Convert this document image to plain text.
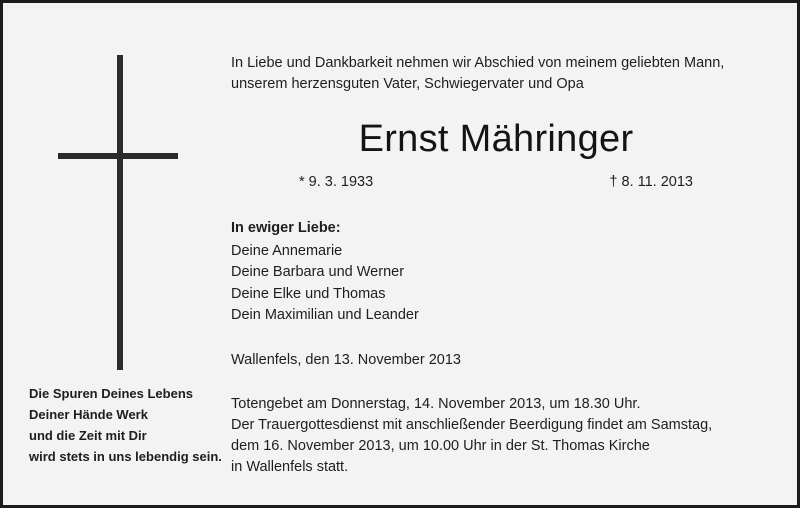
In Liebe und Dankbarkeit nehmen wir Abschied von meinem geliebten Mann,
unserem herzensguten Vater, Schwiegervater und Opa
Ernst Mähringer
* 9. 3. 1933	† 8. 11. 2013
In ewiger Liebe:
Deine Annemarie
Deine Barbara und Werner
Deine Elke und Thomas
Dein Maximilian und Leander
Wallenfels, den 13. November 2013
Totengebet am Donnerstag, 14. November 2013, um 18.30 Uhr.
Der Trauergottesdienst mit anschließender Beerdigung findet am Samstag,
dem 16. November 2013, um 10.00 Uhr in der St. Thomas Kirche
in Wallenfels statt.
Die Spuren Deines Lebens
Deiner Hände Werk
und die Zeit mit Dir
wird stets in uns lebendig sein.
